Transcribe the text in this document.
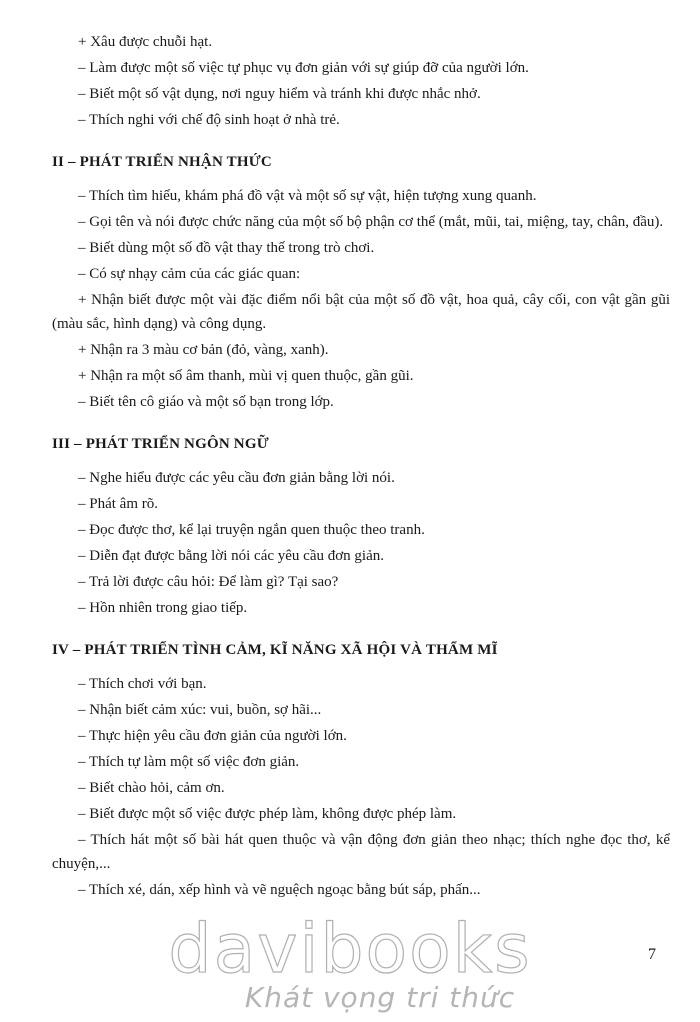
+ Xâu được chuỗi hạt.

– Làm được một số việc tự phục vụ đơn giản với sự giúp đỡ của người lớn.

– Biết một số vật dụng, nơi nguy hiểm và tránh khi được nhắc nhở.

– Thích nghi với chế độ sinh hoạt ở nhà trẻ.

II – PHÁT TRIỂN NHẬN THỨC

– Thích tìm hiểu, khám phá đồ vật và một số sự vật, hiện tượng xung quanh.

– Gọi tên và nói được chức năng của một số bộ phận cơ thể (mắt, mũi, tai, miệng, tay, chân, đầu).

– Biết dùng một số đồ vật thay thế trong trò chơi.

– Có sự nhạy cảm của các giác quan:

+ Nhận biết được một vài đặc điểm nổi bật của một số đồ vật, hoa quả, cây cối, con vật gần gũi (màu sắc, hình dạng) và công dụng.

+ Nhận ra 3 màu cơ bản (đỏ, vàng, xanh).

+ Nhận ra một số âm thanh, mùi vị quen thuộc, gần gũi.

– Biết tên cô giáo và một số bạn trong lớp.

III – PHÁT TRIỂN NGÔN NGỮ

– Nghe hiểu được các yêu cầu đơn giản bằng lời nói.

– Phát âm rõ.

– Đọc được thơ, kể lại truyện ngắn quen thuộc theo tranh.

– Diễn đạt được bằng lời nói các yêu cầu đơn giản.

– Trả lời được câu hỏi: Để làm gì? Tại sao?

– Hồn nhiên trong giao tiếp.

IV – PHÁT TRIỂN TÌNH CẢM, KĨ NĂNG XÃ HỘI VÀ THẨM MĨ

– Thích chơi với bạn.

– Nhận biết cảm xúc: vui, buồn, sợ hãi...

– Thực hiện yêu cầu đơn giản của người lớn.

– Thích tự làm một số việc đơn giản.

– Biết chào hỏi, cảm ơn.

– Biết được một số việc được phép làm, không được phép làm.

– Thích hát một số bài hát quen thuộc và vận động đơn giản theo nhạc; thích nghe đọc thơ, kể chuyện,...

– Thích xé, dán, xếp hình và vẽ nguệch ngoạc bằng bút sáp, phấn...

7
davibooks
Khát vọng tri thức
